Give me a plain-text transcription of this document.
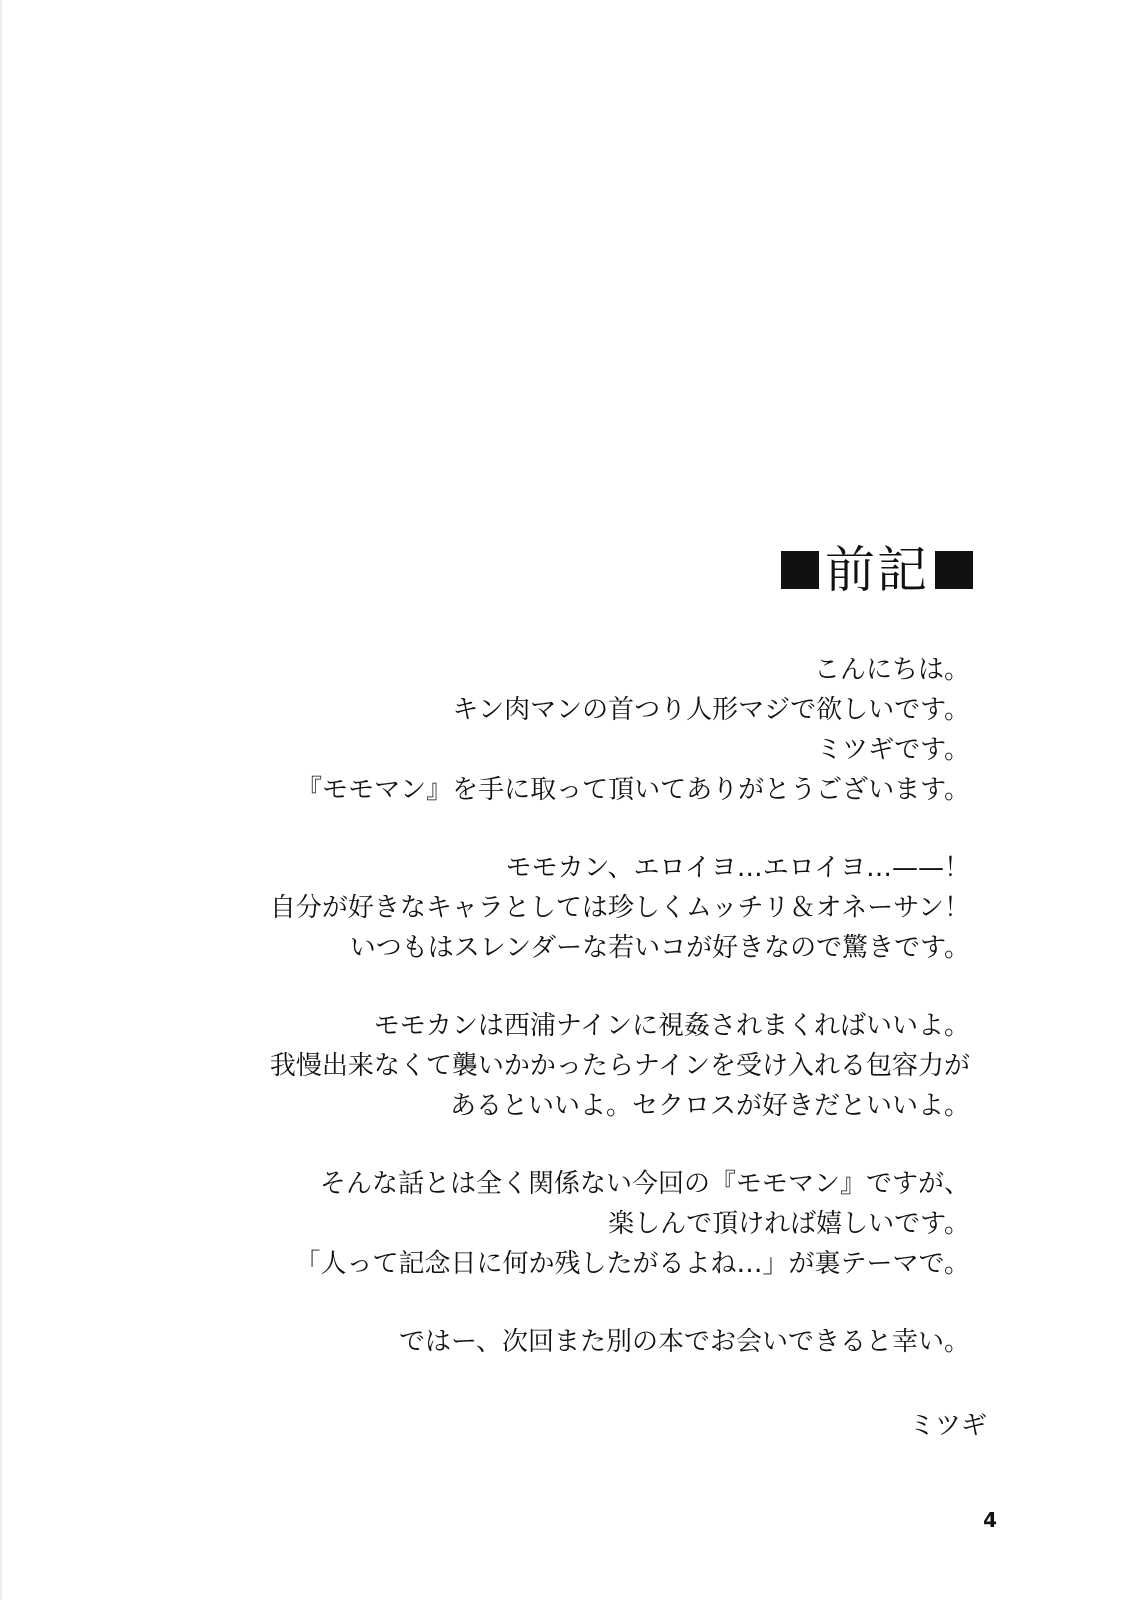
前記
こんにちは。
キン肉マンの首つり人形マジで欲しいです。
ミツギです。
『モモマン』を手に取って頂いてありがとうございます。
モモカン、エロイヨ…エロイヨ…——！
自分が好きなキャラとしては珍しくムッチリ＆オネーサン！
いつもはスレンダーな若いコが好きなので驚きです。
モモカンは西浦ナインに視姦されまくればいいよ。
我慢出来なくて襲いかかったらナインを受け入れる包容力が
あるといいよ。セクロスが好きだといいよ。
そんな話とは全く関係ない今回の『モモマン』ですが、
楽しんで頂ければ嬉しいです。
「人って記念日に何か残したがるよね…」が裏テーマで。
ではー、次回また別の本でお会いできると幸い。
ミツギ
4
